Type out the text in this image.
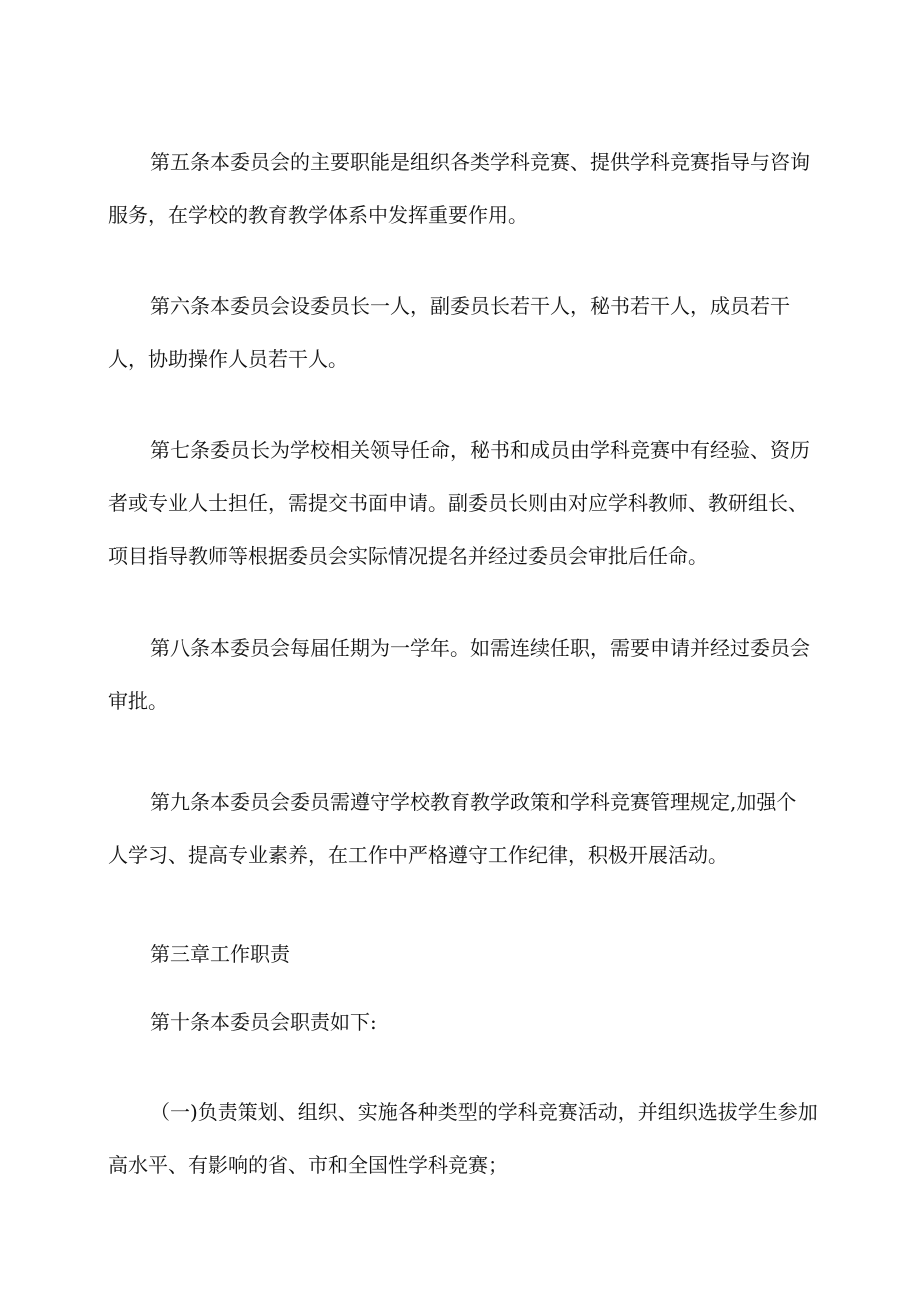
第五条本委员会的主要职能是组织各类学科竞赛、提供学科竞赛指导与咨询
服务，在学校的教育教学体系中发挥重要作用。

第六条本委员会设委员长一人，副委员长若干人，秘书若干人，成员若干
人，协助操作人员若干人。

第七条委员长为学校相关领导任命，秘书和成员由学科竞赛中有经验、资历
者或专业人士担任，需提交书面申请。副委员长则由对应学科教师、教研组长、
项目指导教师等根据委员会实际情况提名并经过委员会审批后任命。

第八条本委员会每届任期为一学年。如需连续任职，需要申请并经过委员会
审批。

第九条本委员会委员需遵守学校教育教学政策和学科竞赛管理规定,加强个
人学习、提高专业素养，在工作中严格遵守工作纪律，积极开展活动。

第三章工作职责

第十条本委员会职责如下:

（一)负责策划、组织、实施各种类型的学科竞赛活动，并组织选拔学生参加
高水平、有影响的省、市和全国性学科竞赛；
